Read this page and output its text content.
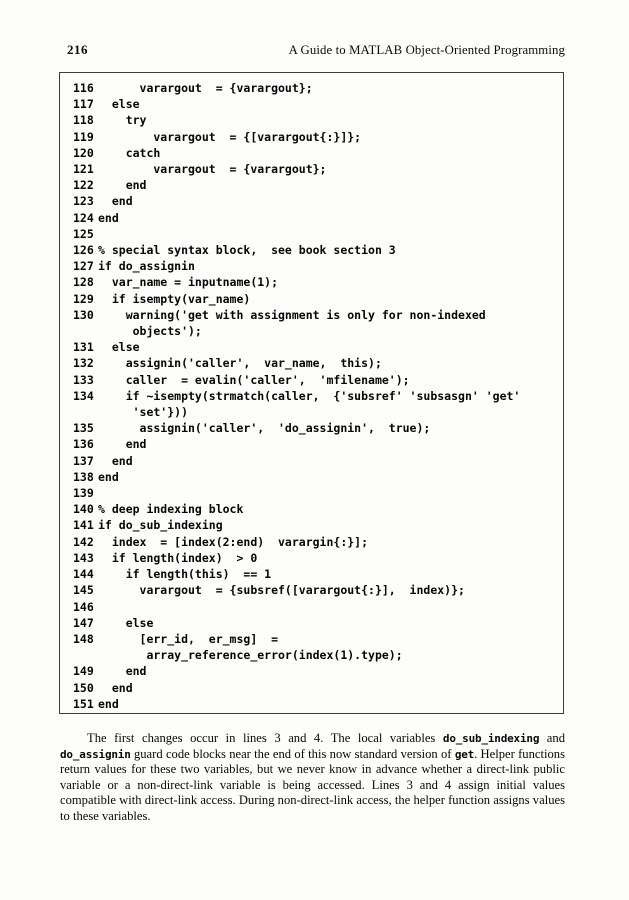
216	A Guide to MATLAB Object-Oriented Programming
116 varargout  = {varargout};
117 else
118 try
119 varargout  = {[varargout{:}]};
120 catch
121 varargout  = {varargout};
122 end
123 end
124 end
125

126 % special syntax block,  see book section 3
127 if do_assignin
128 var_name = inputname(1);
129 if isempty(var_name)
130 warning('get with assignment is only for non-indexed
objects');
131 else
132 assignin('caller',  var_name,  this);
133 caller  = evalin('caller',  'mfilename');
134 if ~isempty(strmatch(caller,  {'subsref' 'subsasgn' 'get'
'set'}))
135 assignin('caller',  'do_assignin',  true);
136 end
137 end
138 end
139

140 % deep indexing block
141 if do_sub_indexing
142 index  = [index(2:end)  varargin{:}];
143 if length(index)  > 0
144 if length(this)  == 1
145 varargout  = {subsref([varargout{:}],  index)};
146

147 else
148 [err_id,  er_msg]  =
array_reference_error(index(1).type);
149 end
150 end
151 end

The first changes occur in lines 3 and 4. The local variables do_sub_indexing and do_assignin guard code blocks near the end of this now standard version of get. Helper functions return values for these two variables, but we never know in advance whether a direct-link public variable or a non-direct-link variable is being accessed. Lines 3 and 4 assign initial values compatible with direct-link access. During non-direct-link access, the helper function assigns values to these variables.
